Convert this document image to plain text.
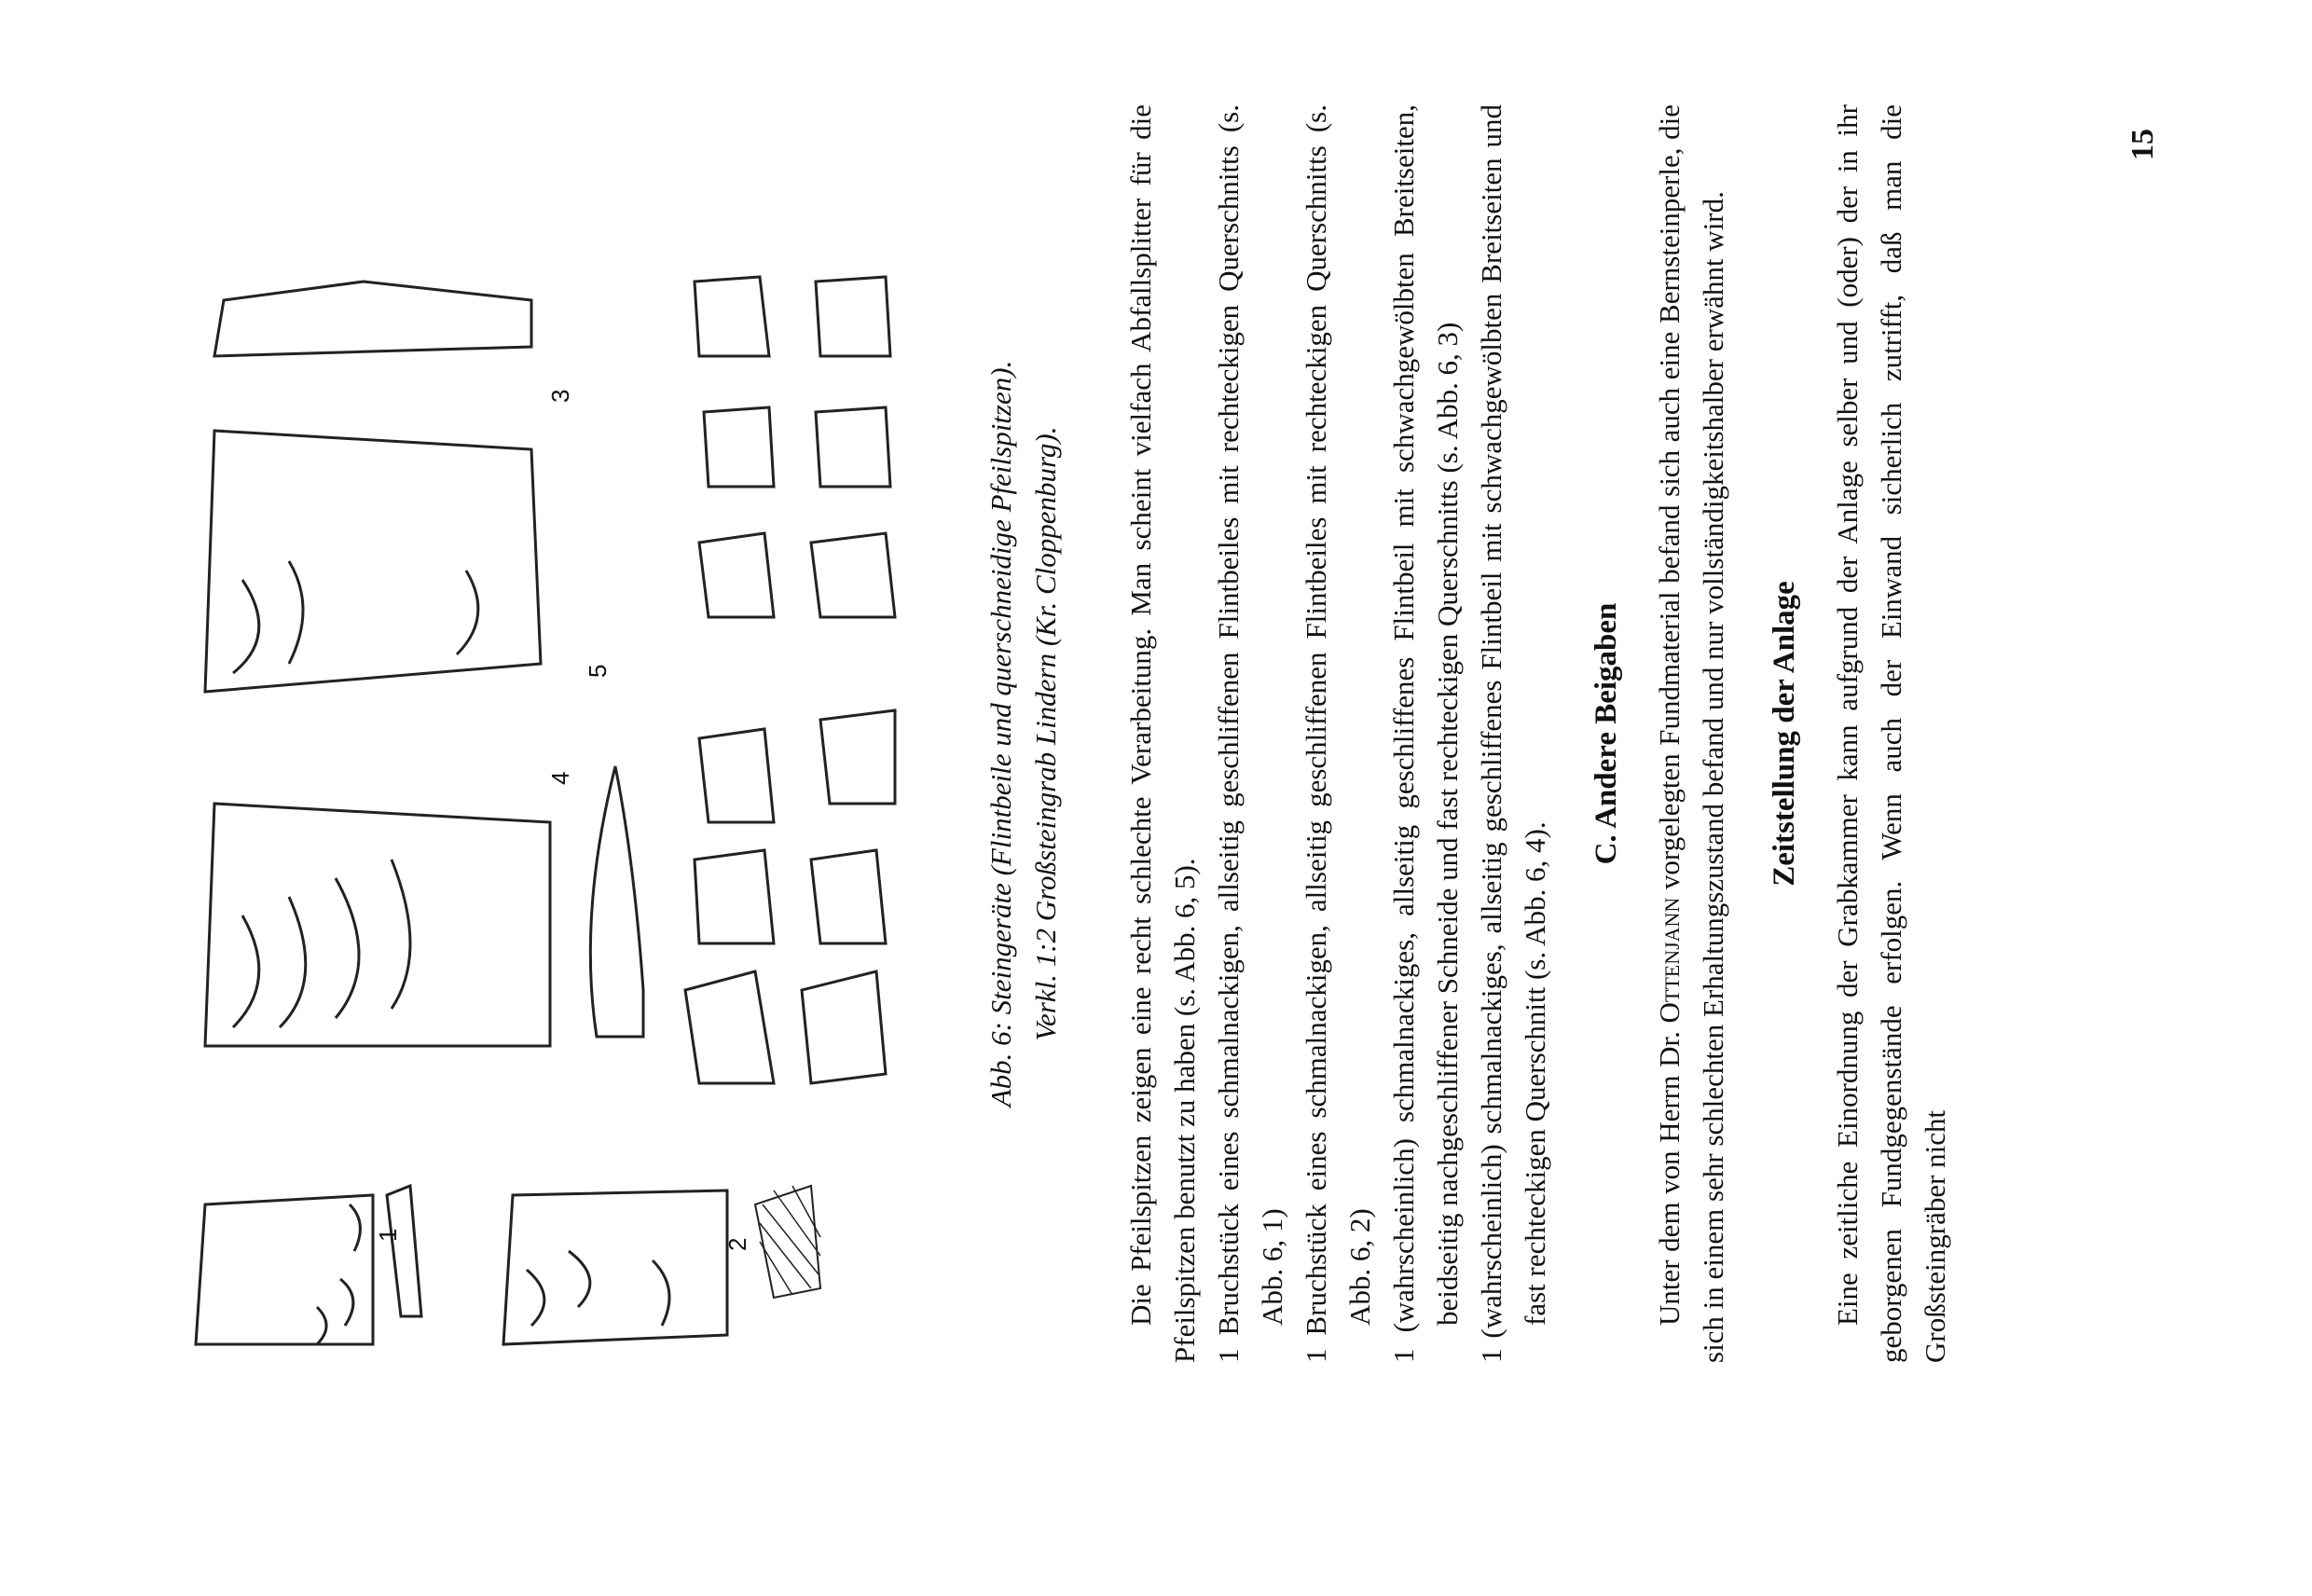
1
2
3
4
5	Abb. 6: Steingeräte (Flintbeile und querschneidige Pfeilspitzen). Verkl. 1:2 Großsteingrab Lindern (Kr. Cloppenburg). Die Pfeilspitzen zeigen eine recht schlechte Verarbeitung. Man scheint vielfach Abfallsplitter für die Pfeilspitzen benutzt zu haben (s. Abb. 6, 5). 1 Bruchstück eines schmalnackigen, allseitig geschliffenen Flintbeiles mit rechteckigen Querschnitts (s. Abb. 6, 1) 1 Bruchstück eines schmalnackigen, allseitig geschliffenen Flintbeiles mit rechteckigen Querschnitts (s. Abb. 6, 2) 1 (wahrscheinlich) schmalnackiges, allseitig geschliffenes Flintbeil mit schwachgewölbten Breitseiten, beidseitig nachgeschliffener Schneide und fast rechteckigen Querschnitts (s. Abb. 6, 3) 1 (wahrscheinlich) schmalnackiges, allseitig geschliffenes Flintbeil mit schwachgewölbten Breitseiten und fast rechteckigen Querschnitt (s. Abb. 6, 4).

C. Andere Beigaben

Unter dem von Herrn Dr. Ottenjann vorgelegten Fundmaterial befand sich auch eine Bernsteinperle, die sich in einem sehr schlechten Erhaltungszustand befand und nur vollständigkeitshalber erwähnt wird. Zeitstellung der Anlage Eine zeitliche Einordnung der Grabkammer kann aufgrund der Anlage selber und (oder) der in ihr geborgenen Fundgegenstände erfolgen. Wenn auch der Einwand sicherlich zutrifft, daß man die Großsteingräber nicht

15
